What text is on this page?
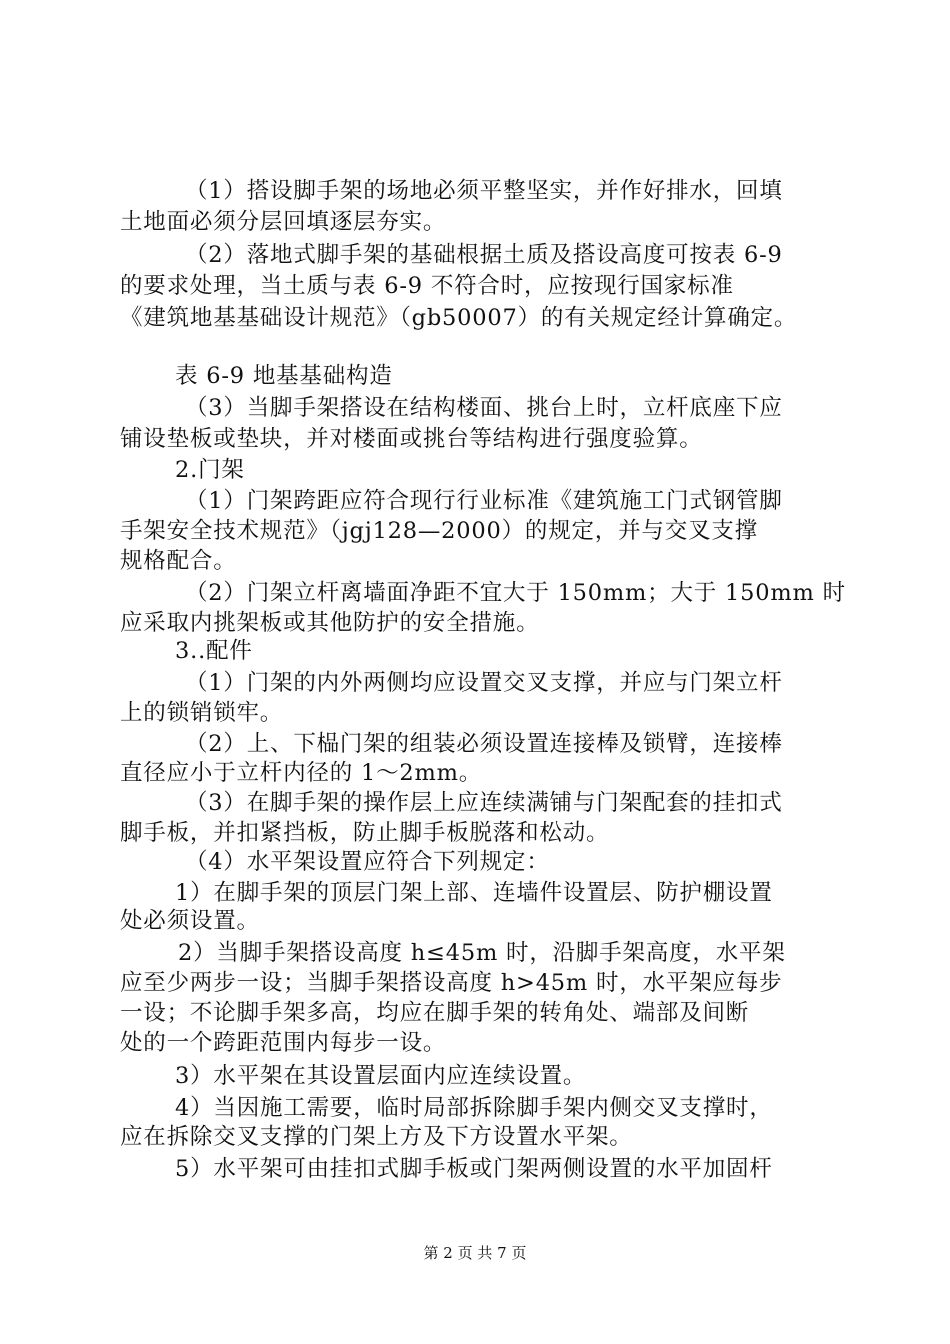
（1）搭设脚手架的场地必须平整坚实，并作好排水，回填
土地面必须分层回填逐层夯实。
（2）落地式脚手架的基础根据土质及搭设高度可按表 6-9
的要求处理，当土质与表 6-9 不符合时，应按现行国家标准
《建筑地基基础设计规范》（gb50007）的有关规定经计算确定。
表 6-9 地基基础构造
（3）当脚手架搭设在结构楼面、挑台上时，立杆底座下应
铺设垫板或垫块，并对楼面或挑台等结构进行强度验算。
2.门架
（1）门架跨距应符合现行行业标准《建筑施工门式钢管脚
手架安全技术规范》（jgj128—2000）的规定，并与交叉支撑
规格配合。
（2）门架立杆离墙面净距不宜大于 150mm；大于 150mm 时
应采取内挑架板或其他防护的安全措施。
3..配件
（1）门架的内外两侧均应设置交叉支撑，并应与门架立杆
上的锁销锁牢。
（2）上、下榀门架的组装必须设置连接棒及锁臂，连接棒
直径应小于立杆内径的 1～2mm。
（3）在脚手架的操作层上应连续满铺与门架配套的挂扣式
脚手板，并扣紧挡板，防止脚手板脱落和松动。
（4）水平架设置应符合下列规定：
1）在脚手架的顶层门架上部、连墙件设置层、防护棚设置
处必须设置。
2）当脚手架搭设高度 h≤45m 时，沿脚手架高度，水平架
应至少两步一设；当脚手架搭设高度 h>45m 时，水平架应每步
一设；不论脚手架多高，均应在脚手架的转角处、端部及间断
处的一个跨距范围内每步一设。
3）水平架在其设置层面内应连续设置。
4）当因施工需要，临时局部拆除脚手架内侧交叉支撑时，
应在拆除交叉支撑的门架上方及下方设置水平架。
5）水平架可由挂扣式脚手板或门架两侧设置的水平加固杆
第 2 页 共 7 页
